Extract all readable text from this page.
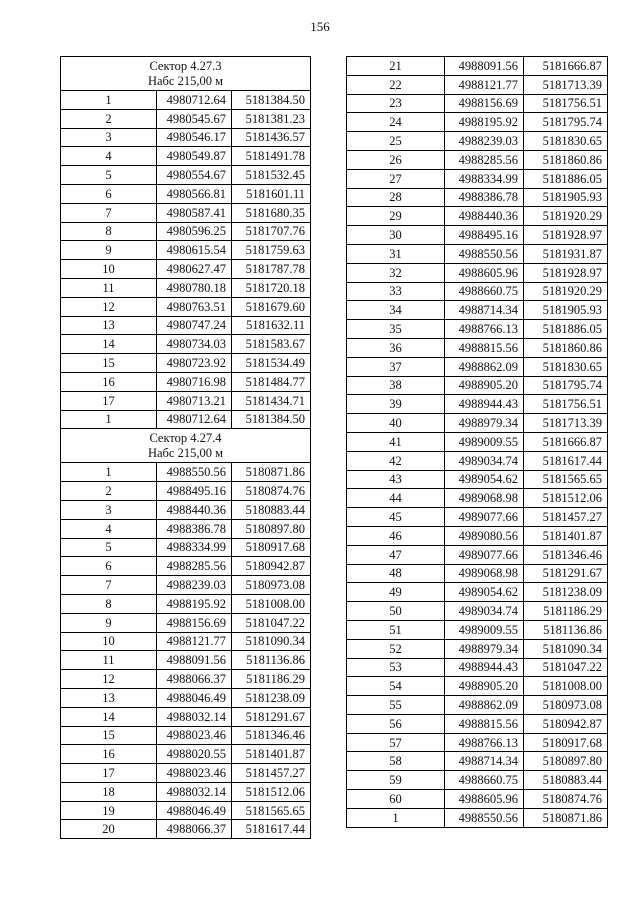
156
Сектор 4.27.3
Набс 215,00 м		

1	4980712.64	5181384.50
2	4980545.67	5181381.23
3	4980546.17	5181436.57
4	4980549.87	5181491.78
5	4980554.67	5181532.45
6	4980566.81	5181601.11
7	4980587.41	5181680.35
8	4980596.25	5181707.76
9	4980615.54	5181759.63
10	4980627.47	5181787.78
11	4980780.18	5181720.18
12	4980763.51	5181679.60
13	4980747.24	5181632.11
14	4980734.03	5181583.67
15	4980723.92	5181534.49
16	4980716.98	5181484.77
17	4980713.21	5181434.71
1	4980712.64	5181384.50

Сектор 4.27.4
Набс 215,00 м		

1	4988550.56	5180871.86
2	4988495.16	5180874.76
3	4988440.36	5180883.44
4	4988386.78	5180897.80
5	4988334.99	5180917.68
6	4988285.56	5180942.87
7	4988239.03	5180973.08
8	4988195.92	5181008.00
9	4988156.69	5181047.22
10	4988121.77	5181090.34
11	4988091.56	5181136.86
12	4988066.37	5181186.29
13	4988046.49	5181238.09
14	4988032.14	5181291.67
15	4988023.46	5181346.46
16	4988020.55	5181401.87
17	4988023.46	5181457.27
18	4988032.14	5181512.06
19	4988046.49	5181565.65
20	4988066.37	5181617.44
21	4988091.56	5181666.87
22	4988121.77	5181713.39
23	4988156.69	5181756.51
24	4988195.92	5181795.74
25	4988239.03	5181830.65
26	4988285.56	5181860.86
27	4988334.99	5181886.05
28	4988386.78	5181905.93
29	4988440.36	5181920.29
30	4988495.16	5181928.97
31	4988550.56	5181931.87
32	4988605.96	5181928.97
33	4988660.75	5181920.29
34	4988714.34	5181905.93
35	4988766.13	5181886.05
36	4988815.56	5181860.86
37	4988862.09	5181830.65
38	4988905.20	5181795.74
39	4988944.43	5181756.51
40	4988979.34	5181713.39
41	4989009.55	5181666.87
42	4989034.74	5181617.44
43	4989054.62	5181565.65
44	4989068.98	5181512.06
45	4989077.66	5181457.27
46	4989080.56	5181401.87
47	4989077.66	5181346.46
48	4989068.98	5181291.67
49	4989054.62	5181238.09
50	4989034.74	5181186.29
51	4989009.55	5181136.86
52	4988979.34	5181090.34
53	4988944.43	5181047.22
54	4988905.20	5181008.00
55	4988862.09	5180973.08
56	4988815.56	5180942.87
57	4988766.13	5180917.68
58	4988714.34	5180897.80
59	4988660.75	5180883.44
60	4988605.96	5180874.76
1	4988550.56	5180871.86
